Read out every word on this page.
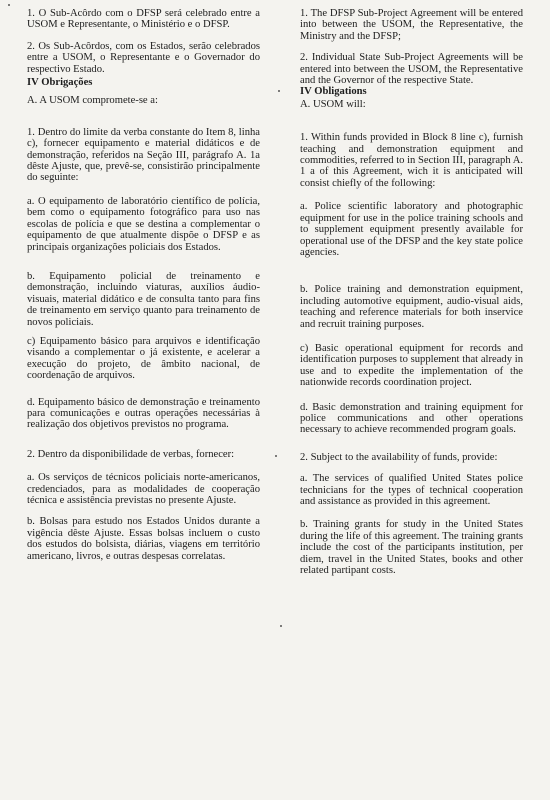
1. O Sub-Acôrdo com o DFSP será celebrado entre a USOM e Representante, o Ministério e o DFSP.

2. Os Sub-Acôrdos, com os Estados, serão celebrados entre a USOM, o Representante e o Governador do respectivo Estado.

IV Obrigações

A. A USOM compromete-se a:

1. Dentro do limite da verba constante do Item 8, linha c), fornecer equipamento e material didáticos e de demonstração, referidos na Seção III, parágrafo A. 1a dêste Ajuste, que, prevê-se, consistirão principalmente do seguinte:

a. O equipamento de laboratório científico de polícia, bem como o equipamento fotográfico para uso nas escolas de polícia e que se destina a complementar o equipamento de que atualmente dispõe o DFSP e as principais organizações policiais dos Estados.

b. Equipamento policial de treinamento e demonstração, incluindo viaturas, auxílios áudio-visuais, material didático e de consulta tanto para fins de treinamento em serviço quanto para treinamento de novos policiais.

c) Equipamento básico para arquivos e identificação visando a complementar o já existente, e acelerar a execução do projeto, de âmbito nacional, de coordenação de arquivos.

d. Equipamento básico de demonstração e treinamento para comunicações e outras operações necessárias à realização dos objetivos previstos no programa.

2. Dentro da disponibilidade de verbas, fornecer:

a. Os serviços de técnicos policiais norte-americanos, credenciados, para as modalidades de cooperação técnica e assistência previstas no presente Ajuste.

b. Bolsas para estudo nos Estados Unidos durante a vigência dêste Ajuste. Essas bolsas incluem o custo dos estudos do bolsista, diárias, viagens em território americano, livros, e outras despesas correlatas.

1. The DFSP Sub-Project Agreement will be entered into between the USOM, the Representative, the Ministry and the DFSP;

2. Individual State Sub-Project Agreements will be entered into between the USOM, the Representative and the Governor of the respective State.

IV Obligations

A. USOM will:

1. Within funds provided in Block 8 line c), furnish teaching and demonstration equipment and commodities, referred to in Section III, paragraph A. 1 a of this Agreement, wich it is anticipated will consist chiefly of the following:

a. Police scientific laboratory and photographic equipment for use in the police training schools and to supplement equipment presently available for operational use of the DFSP and the key state police agencies.

b. Police training and demonstration equipment, including automotive equipment, audio-visual aids, teaching and reference materials for both inservice and recruit training purposes.

c) Basic operational equipment for records and identification purposes to supplement that already in use and to expedite the implementation of the nationwide records coordination project.

d. Basic demonstration and training equipment for police communications and other operations necessary to achieve recommended program goals.

2. Subject to the availability of funds, provide:

a. The services of qualified United States police technicians for the types of technical cooperation and assistance as provided in this agreement.

b. Training grants for study in the United States during the life of this agreement. The training grants include the cost of the participants institution, per diem, travel in the United States, books and other related partipant costs.
